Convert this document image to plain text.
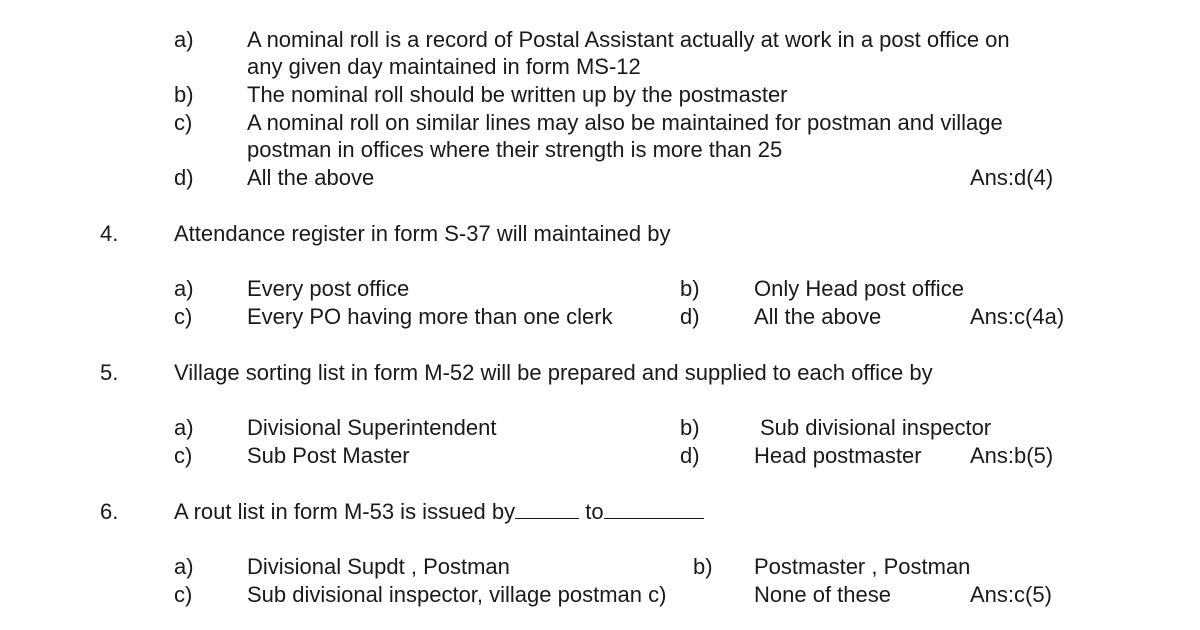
a) A nominal roll is a record of Postal Assistant actually at work in a post office on
any given day maintained in form MS-12
b) The nominal roll should be written up by the postmaster
c) A nominal roll on similar lines may also be maintained for postman and village
postman in offices where their strength is more than 25
d) All the above	Ans:d(4)
4.	Attendance register in form S-37 will maintained by
a) Every post office	b) Only Head post office
c) Every PO having more than one clerk	d) All the above	Ans:c(4a)
5.	Village sorting list in form M-52 will be prepared and supplied to each office by
a) Divisional Superintendent	b)	Sub divisional inspector
c) Sub Post Master	d) Head postmaster Ans:b(5)
6.	A rout list in form M-53 is issued by	to
a) Divisional Supdt , Postman	b) Postmaster , Postman
c) Sub divisional inspector, village postman c)	None of these	Ans:c(5)
